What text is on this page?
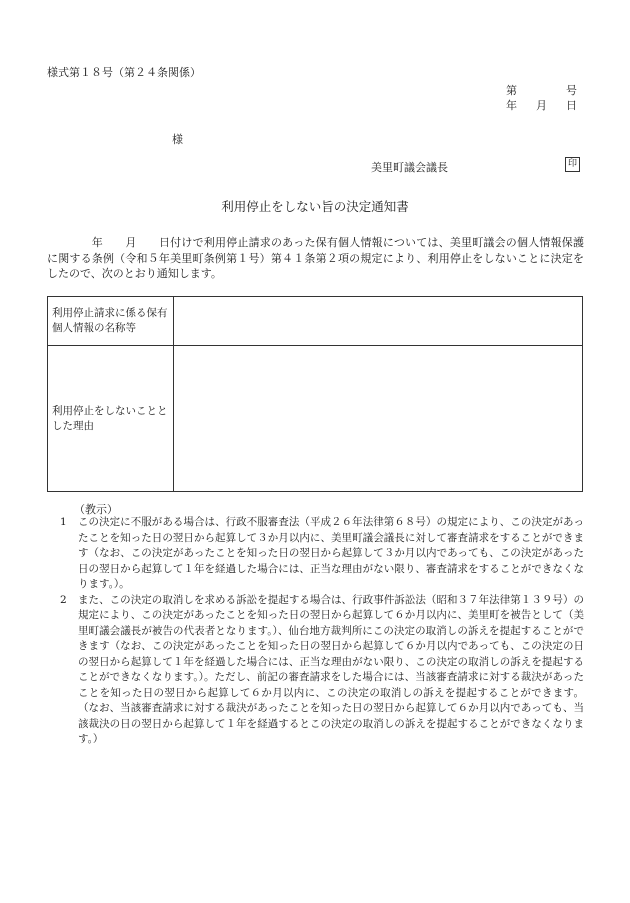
様式第１８号（第２４条関係）
第	号
年 月 日
様
美里町議会議長	印
利用停止をしない旨の決定通知書
　　　　年　　月　　日付けで利用停止請求のあった保有個人情報については、美里町議会の個人情報保護に関する条例（令和５年美里町条例第１号）第４１条第２項の規定により、利用停止をしないことに決定をしたので、次のとおり通知します。
利用停止請求に係る保有個人情報の名称等	
利用停止をしないこととした理由	
（教示）
1	この決定に不服がある場合は、行政不服審査法（平成２６年法律第６８号）の規定により、この決定があったことを知った日の翌日から起算して３か月以内に、美里町議会議長に対して審査請求をすることができます（なお、この決定があったことを知った日の翌日から起算して３か月以内であっても、この決定があった日の翌日から起算して１年を経過した場合には、正当な理由がない限り、審査請求をすることができなくなります。）。
2	また、この決定の取消しを求める訴訟を提起する場合は、行政事件訴訟法（昭和３７年法律第１３９号）の規定により、この決定があったことを知った日の翌日から起算して６か月以内に、美里町を被告として（美里町議会議長が被告の代表者となります。）、仙台地方裁判所にこの決定の取消しの訴えを提起することができます（なお、この決定があったことを知った日の翌日から起算して６か月以内であっても、この決定の日の翌日から起算して１年を経過した場合には、正当な理由がない限り、この決定の取消しの訴えを提起することができなくなります。）。ただし、前記の審査請求をした場合には、当該審査請求に対する裁決があったことを知った日の翌日から起算して６か月以内に、この決定の取消しの訴えを提起することができます。（なお、当該審査請求に対する裁決があったことを知った日の翌日から起算して６か月以内であっても、当該裁決の日の翌日から起算して１年を経過するとこの決定の取消しの訴えを提起することができなくなります。）
